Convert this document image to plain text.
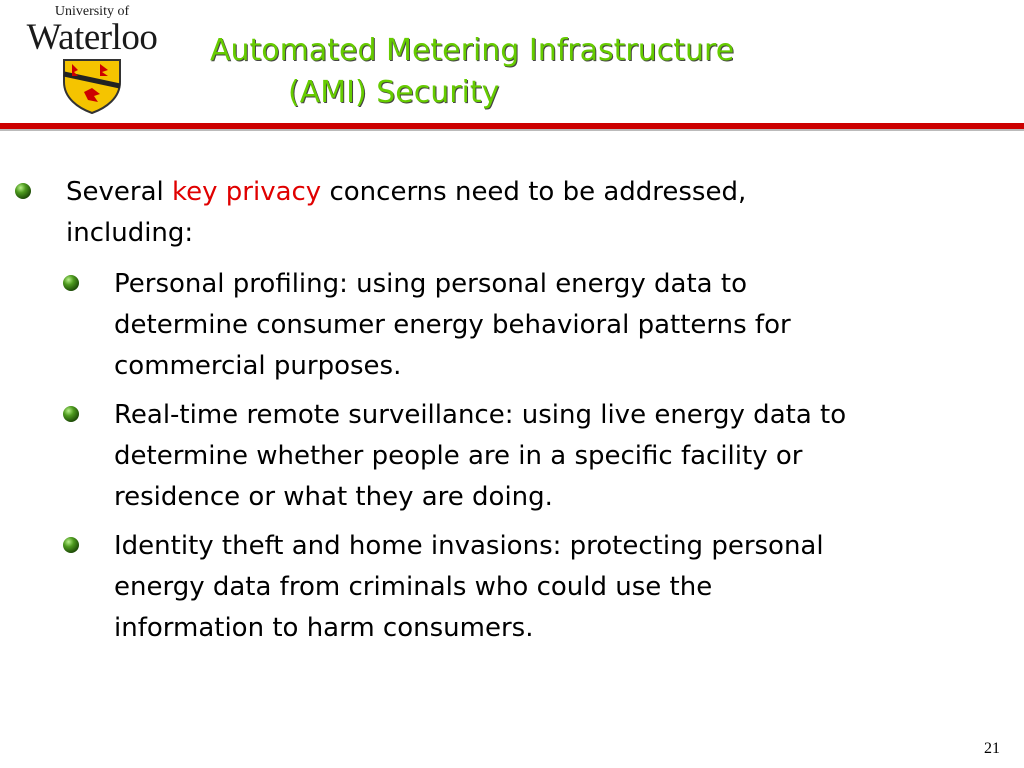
University of
Waterloo	Automated Metering Infrastructure
(AMI) Security
Several key privacy concerns need to be addressed,
including:
Personal profiling: using personal energy data to
determine consumer energy behavioral patterns for
commercial purposes.
Real-time remote surveillance: using live energy data to
determine whether people are in a specific facility or
residence or what they are doing.
Identity theft and home invasions: protecting personal
energy data from criminals who could use the
information to harm consumers.
21
